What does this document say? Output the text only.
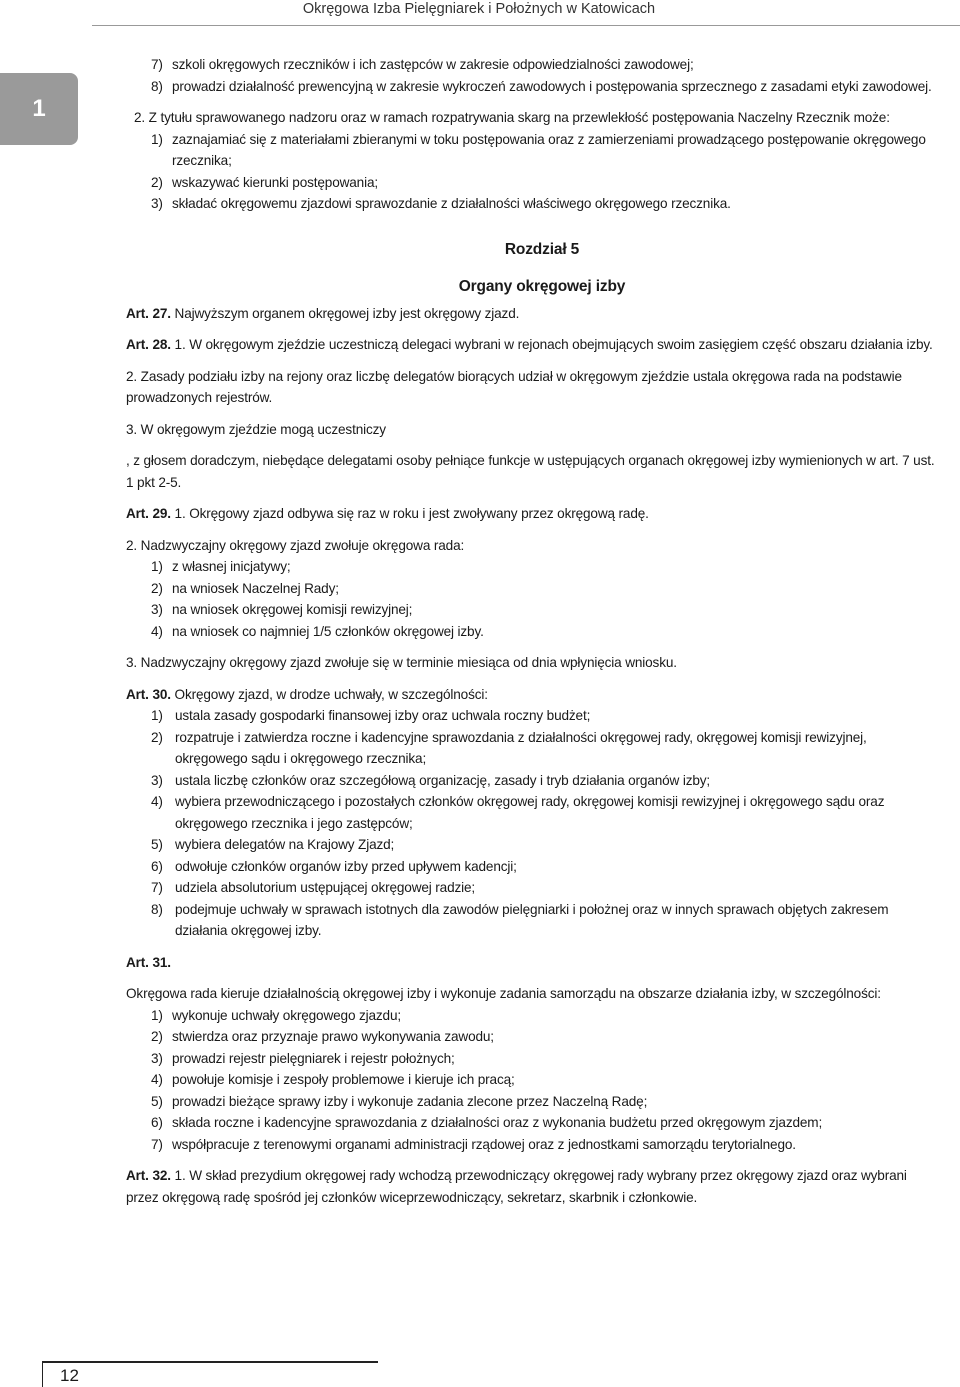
Okręgowa Izba Pielęgniarek i Położnych w Katowicach
1

7) szkoli okręgowych rzeczników i ich zastępców w zakresie odpowiedzialności zawodowej;

8) prowadzi działalność prewencyjną w zakresie wykroczeń zawodowych i postępowania sprzecznego z zasadami etyki zawodowej.

2. Z tytułu sprawowanego nadzoru oraz w ramach rozpatrywania skarg na przewlekłość postępowania Naczelny Rzecznik może:

1) zaznajamiać się z materiałami zbieranymi w toku postępowania oraz z zamierzeniami prowadzącego postępowanie okręgowego rzecznika;

2) wskazywać kierunki postępowania;

3) składać okręgowemu zjazdowi sprawozdanie z działalności właściwego okręgowego rzecznika.

Rozdział 5

Organy okręgowej izby

Art. 27. Najwyższym organem okręgowej izby jest okręgowy zjazd.

Art. 28. 1. W okręgowym zjeździe uczestniczą delegaci wybrani w rejonach obejmujących swoim zasięgiem część obszaru działania izby.

2. Zasady podziału izby na rejony oraz liczbę delegatów biorących udział w okręgowym zjeździe ustala okręgowa rada na podstawie prowadzonych rejestrów.

3. W okręgowym zjeździe mogą uczestniczy

, z głosem doradczym, niebędące delegatami osoby pełniące funkcje w ustępujących organach okręgowej izby wymienionych w art. 7 ust. 1 pkt 2-5.

Art. 29. 1. Okręgowy zjazd odbywa się raz w roku i jest zwoływany przez okręgową radę.

2. Nadzwyczajny okręgowy zjazd zwołuje okręgowa rada:

1) z własnej inicjatywy;

2) na wniosek Naczelnej Rady;

3) na wniosek okręgowej komisji rewizyjnej;

4) na wniosek co najmniej 1/5 członków okręgowej izby.

3. Nadzwyczajny okręgowy zjazd zwołuje się w terminie miesiąca od dnia wpłynięcia wniosku.

Art. 30. Okręgowy zjazd, w drodze uchwały, w szczególności:

1) ustala zasady gospodarki finansowej izby oraz uchwala roczny budżet;

2) rozpatruje i zatwierdza roczne i kadencyjne sprawozdania z działalności okręgowej rady, okręgowej komisji rewizyjnej, okręgowego sądu i okręgowego rzecznika;

3) ustala liczbę członków oraz szczegółową organizację, zasady i tryb działania organów izby;

4) wybiera przewodniczącego i pozostałych członków okręgowej rady, okręgowej komisji rewizyjnej i okręgowego sądu oraz okręgowego rzecznika i jego zastępców;

5) wybiera delegatów na Krajowy Zjazd;

6) odwołuje członków organów izby przed upływem kadencji;

7) udziela absolutorium ustępującej okręgowej radzie;

8) podejmuje uchwały w sprawach istotnych dla zawodów pielęgniarki i położnej oraz w innych sprawach objętych zakresem działania okręgowej izby.

Art. 31.

Okręgowa rada kieruje działalnością okręgowej izby i wykonuje zadania samorządu na obszarze działania izby, w szczególności:

1) wykonuje uchwały okręgowego zjazdu;

2) stwierdza oraz przyznaje prawo wykonywania zawodu;

3) prowadzi rejestr pielęgniarek i rejestr położnych;

4) powołuje komisje i zespoły problemowe i kieruje ich pracą;

5) prowadzi bieżące sprawy izby i wykonuje zadania zlecone przez Naczelną Radę;

6) składa roczne i kadencyjne sprawozdania z działalności oraz z wykonania budżetu przed okręgowym zjazdem;

7) współpracuje z terenowymi organami administracji rządowej oraz z jednostkami samorządu terytorialnego.

Art. 32. 1. W skład prezydium okręgowej rady wchodzą przewodniczący okręgowej rady wybrany przez okręgowy zjazd oraz wybrani przez okręgową radę spośród jej członków wiceprzewodniczący, sekretarz, skarbnik i członkowie.

12
